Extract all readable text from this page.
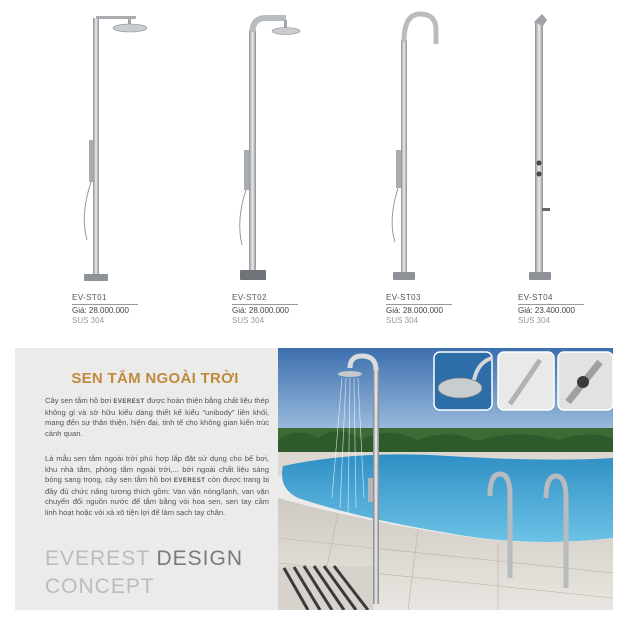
EV-ST01
Giá: 28.000.000
SUS 304
EV-ST02
Giá: 28.000.000
SUS 304
EV-ST03
Giá: 28.000.000
SUS 304
EV-ST04
Giá: 23.400.000
SUS 304
SEN TẮM NGOÀI TRỜI
Cây sen tắm hồ bơi EVEREST được hoàn thiện bằng chất liệu thép không gỉ và sở hữu kiểu dáng thiết kế kiểu "unibody" liền khối, mang đến sự thân thiện, hiện đại, tinh tế cho không gian kiến trúc cảnh quan.
Là mẫu sen tắm ngoài trời phù hợp lắp đặt sử dụng cho bể bơi, khu nhà tắm, phòng tắm ngoài trời,... bởi ngoài chất liệu sáng bóng sang trọng, cây sen tắm hồ bơi EVEREST còn được trang bị đầy đủ chức năng tương thích gồm: Van vặn nóng/lạnh, van vặn chuyển đổi nguồn nước để tắm bằng vòi hoa sen, sen tay cầm linh hoạt hoặc vòi xả xô tiện lợi để làm sạch tay chân.
EVEREST DESIGN
CONCEPT
